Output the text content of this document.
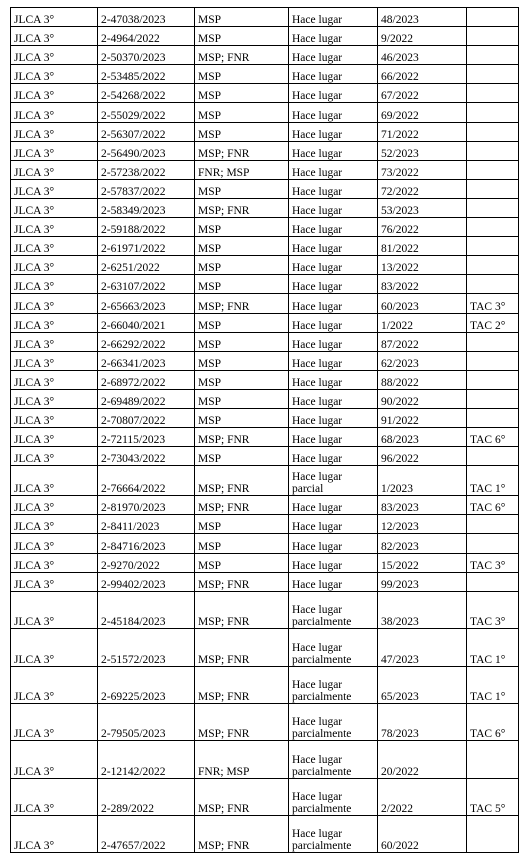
JLCA 3°	2-47038/2023	MSP	Hace lugar	48/2023	
JLCA 3°	2-4964/2022	MSP	Hace lugar	9/2022	
JLCA 3°	2-50370/2023	MSP; FNR	Hace lugar	46/2023	
JLCA 3°	2-53485/2022	MSP	Hace lugar	66/2022	
JLCA 3°	2-54268/2022	MSP	Hace lugar	67/2022	
JLCA 3°	2-55029/2022	MSP	Hace lugar	69/2022	
JLCA 3°	2-56307/2022	MSP	Hace lugar	71/2022	
JLCA 3°	2-56490/2023	MSP; FNR	Hace lugar	52/2023	
JLCA 3°	2-57238/2022	FNR; MSP	Hace lugar	73/2022	
JLCA 3°	2-57837/2022	MSP	Hace lugar	72/2022	
JLCA 3°	2-58349/2023	MSP; FNR	Hace lugar	53/2023	
JLCA 3°	2-59188/2022	MSP	Hace lugar	76/2022	
JLCA 3°	2-61971/2022	MSP	Hace lugar	81/2022	
JLCA 3°	2-6251/2022	MSP	Hace lugar	13/2022	
JLCA 3°	2-63107/2022	MSP	Hace lugar	83/2022	
JLCA 3°	2-65663/2023	MSP; FNR	Hace lugar	60/2023	TAC 3°
JLCA 3°	2-66040/2021	MSP	Hace lugar	1/2022	TAC 2°
JLCA 3°	2-66292/2022	MSP	Hace lugar	87/2022	
JLCA 3°	2-66341/2023	MSP	Hace lugar	62/2023	
JLCA 3°	2-68972/2022	MSP	Hace lugar	88/2022	
JLCA 3°	2-69489/2022	MSP	Hace lugar	90/2022	
JLCA 3°	2-70807/2022	MSP	Hace lugar	91/2022	
JLCA 3°	2-72115/2023	MSP; FNR	Hace lugar	68/2023	TAC 6°
JLCA 3°	2-73043/2022	MSP	Hace lugar	96/2022	
JLCA 3°	2-76664/2022	MSP; FNR	Hace lugar parcial	1/2023	TAC 1°
JLCA 3°	2-81970/2023	MSP; FNR	Hace lugar	83/2023	TAC 6°
JLCA 3°	2-8411/2023	MSP	Hace lugar	12/2023	
JLCA 3°	2-84716/2023	MSP	Hace lugar	82/2023	
JLCA 3°	2-9270/2022	MSP	Hace lugar	15/2022	TAC 3°
JLCA 3°	2-99402/2023	MSP; FNR	Hace lugar	99/2023	
JLCA 3°	2-45184/2023	MSP; FNR	Hace lugar parcialmente	38/2023	TAC 3°
JLCA 3°	2-51572/2023	MSP; FNR	Hace lugar parcialmente	47/2023	TAC 1°
JLCA 3°	2-69225/2023	MSP; FNR	Hace lugar parcialmente	65/2023	TAC 1°
JLCA 3°	2-79505/2023	MSP; FNR	Hace lugar parcialmente	78/2023	TAC 6°
JLCA 3°	2-12142/2022	FNR; MSP	Hace lugar parcialmente	20/2022	
JLCA 3°	2-289/2022	MSP; FNR	Hace lugar parcialmente	2/2022	TAC 5°
JLCA 3°	2-47657/2022	MSP; FNR	Hace lugar parcialmente	60/2022	
